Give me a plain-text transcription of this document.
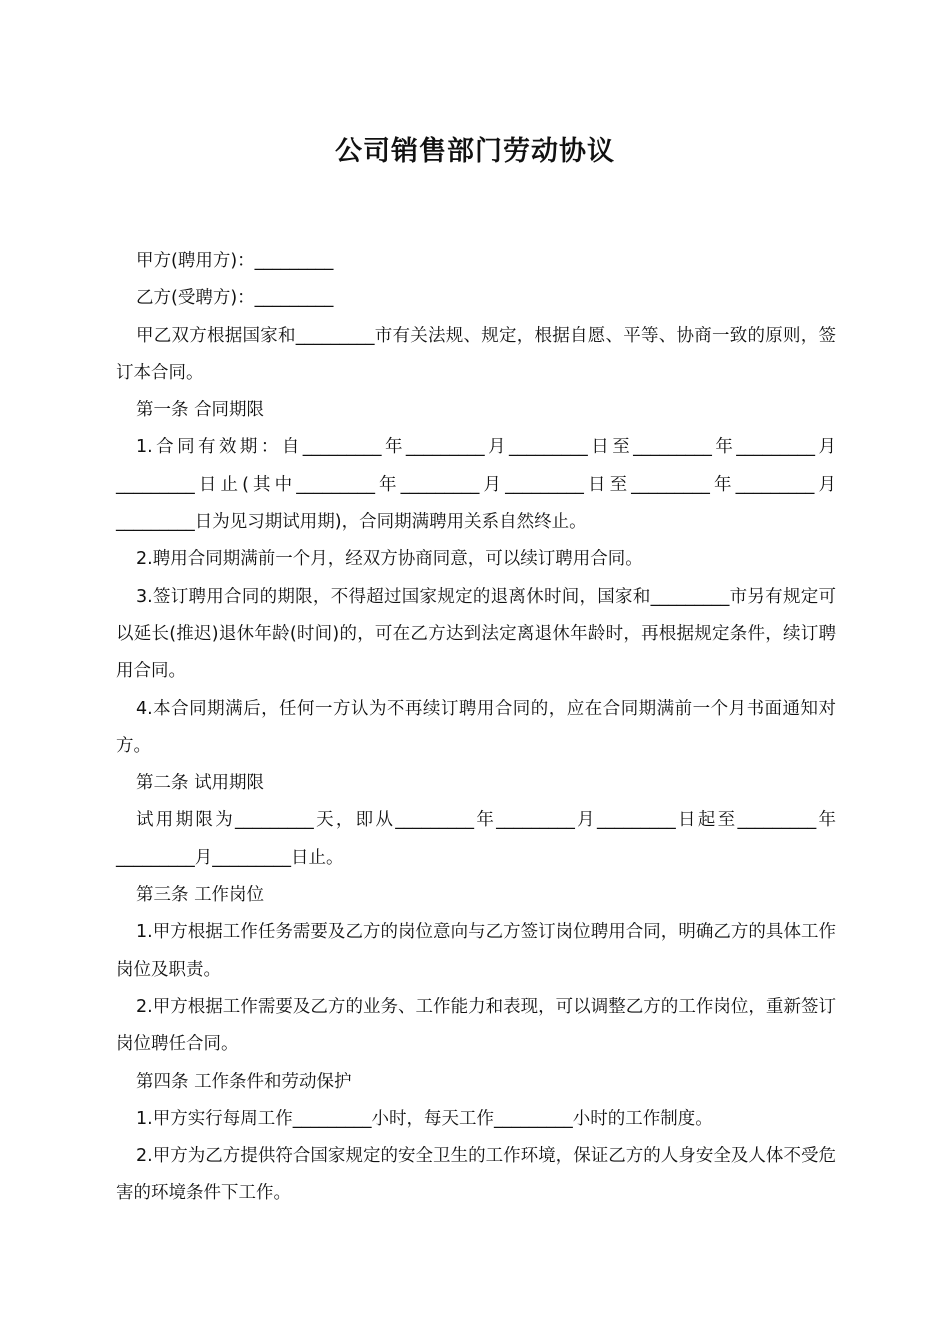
公司销售部门劳动协议

甲方(聘用方)：_________

乙方(受聘方)：_________

甲乙双方根据国家和_________市有关法规、规定，根据自愿、平等、协商一致的原则，签订本合同。

第一条 合同期限

1.合同有效期：自_________年_________月_________日至_________年_________月_________日止(其中_________年_________月_________日至_________年_________月_________日为见习期试用期)，合同期满聘用关系自然终止。

2.聘用合同期满前一个月，经双方协商同意，可以续订聘用合同。

3.签订聘用合同的期限，不得超过国家规定的退离休时间，国家和_________市另有规定可以延长(推迟)退休年龄(时间)的，可在乙方达到法定离退休年龄时，再根据规定条件，续订聘用合同。

4.本合同期满后，任何一方认为不再续订聘用合同的，应在合同期满前一个月书面通知对方。

第二条 试用期限

试用期限为_________天，即从_________年_________月_________日起至_________年_________月_________日止。

第三条 工作岗位

1.甲方根据工作任务需要及乙方的岗位意向与乙方签订岗位聘用合同，明确乙方的具体工作岗位及职责。

2.甲方根据工作需要及乙方的业务、工作能力和表现，可以调整乙方的工作岗位，重新签订岗位聘任合同。

第四条 工作条件和劳动保护

1.甲方实行每周工作_________小时，每天工作_________小时的工作制度。

2.甲方为乙方提供符合国家规定的安全卫生的工作环境，保证乙方的人身安全及人体不受危害的环境条件下工作。
